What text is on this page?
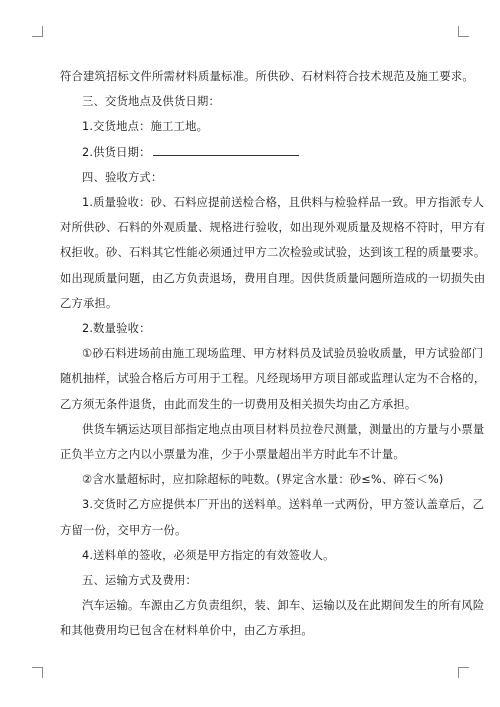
符合建筑招标文件所需材料质量标准。所供砂、石材料符合技术规范及施工要求。

三、交货地点及供货日期：

1.交货地点：施工工地。

2.供货日期：

四、验收方式：

1.质量验收：砂、石料应提前送检合格，且供料与检验样品一致。甲方指派专人

对所供砂、石料的外观质量、规格进行验收，如出现外观质量及规格不符时，甲方有

权拒收。砂、石料其它性能必须通过甲方二次检验或试验，达到该工程的质量要求。

如出现质量问题，由乙方负责退场，费用自理。因供货质量问题所造成的一切损失由

乙方承担。

2.数量验收：

①砂石料进场前由施工现场监理、甲方材料员及试验员验收质量，甲方试验部门

随机抽样，试验合格后方可用于工程。凡经现场甲方项目部或监理认定为不合格的，

乙方须无条件退货，由此而发生的一切费用及相关损失均由乙方承担。

供货车辆运达项目部指定地点由项目材料员拉卷尺测量，测量出的方量与小票量

正负半立方之内以小票量为准，少于小票量超出半方时此车不计量。

②含水量超标时，应扣除超标的吨数。(界定含水量：砂≤%、碎石＜%)

3.交货时乙方应提供本厂开出的送料单。送料单一式两份，甲方签认盖章后，乙

方留一份，交甲方一份。

4.送料单的签收，必须是甲方指定的有效签收人。

五、运输方式及费用：

汽车运输。车源由乙方负责组织，装、卸车、运输以及在此期间发生的所有风险

和其他费用均已包含在材料单价中，由乙方承担。
